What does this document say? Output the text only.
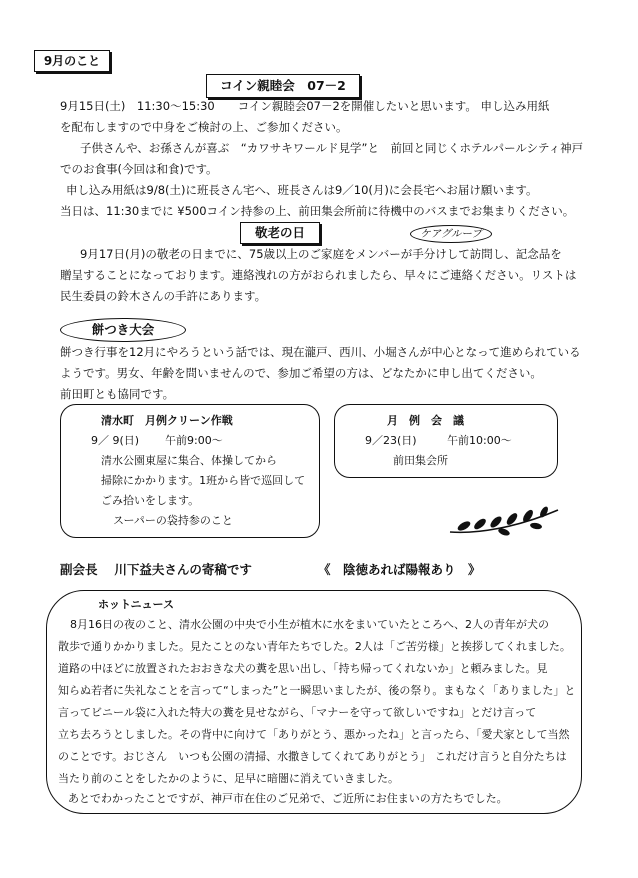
9月のこと
コイン親睦会　07－2
9月15日(土)　11:30～15:30　　コイン親睦会07－2を開催したいと思います。 申し込み用紙
を配布しますので中身をご検討の上、ご参加ください。
子供さんや、お孫さんが喜ぶ　“カワサキワールド見学”と　前回と同じくホテルパールシティ神戸
でのお食事(今回は和食)です。
申し込み用紙は9/8(土)に班長さん宅へ、班長さんは9／10(月)に会長宅へお届け願います。
当日は、11:30までに ¥500コイン持参の上、前田集会所前に待機中のバスまでお集まりください。
敬老の日	ケアグループ
9月17日(月)の敬老の日までに、75歳以上のご家庭をメンバーが手分けして訪問し、記念品を
贈呈することになっております。連絡洩れの方がおられましたら、早々にご連絡ください。リストは
民生委員の鈴木さんの手許にあります。
餅つき大会
餅つき行事を12月にやろうという話では、現在瀧戸、西川、小堀さんが中心となって進められている
ようです。男女、年齢を問いませんので、参加ご希望の方は、どなたかに申し出てください。
前田町とも協同です。
清水町　月例クリーン作戦
9／ 9(日) 午前9:00～
清水公園東屋に集合、体操してから
掃除にかかります。1班から皆で巡回して
ごみ拾いをします。
スーパーの袋持参のこと
月　例　会　議
9／23(日)	午前10:00～
前田集会所
副会長　 川下益夫さんの寄稿です	《　陰徳あれば陽報あり　》
ホットニュース
8月16日の夜のこと、清水公園の中央で小生が植木に水をまいていたところへ、2人の青年が犬の
散歩で通りかかりました。見たことのない青年たちでした。2人は「ご苦労様」と挨拶してくれました。
道路の中ほどに放置されたおおきな犬の糞を思い出し、「持ち帰ってくれないか」と頼みました。見
知らぬ若者に失礼なことを言って“しまった”と一瞬思いましたが、後の祭り。まもなく「ありました」と
言ってビニール袋に入れた特大の糞を見せながら、「マナーを守って欲しいですね」とだけ言って
立ち去ろうとしました。その背中に向けて「ありがとう、悪かったね」と言ったら、「愛犬家として当然
のことです。おじさん　いつも公園の清掃、水撒きしてくれてありがとう」 これだけ言うと自分たちは
当たり前のことをしたかのように、足早に暗闇に消えていきました。
あとでわかったことですが、神戸市在住のご兄弟で、ご近所にお住まいの方たちでした。
